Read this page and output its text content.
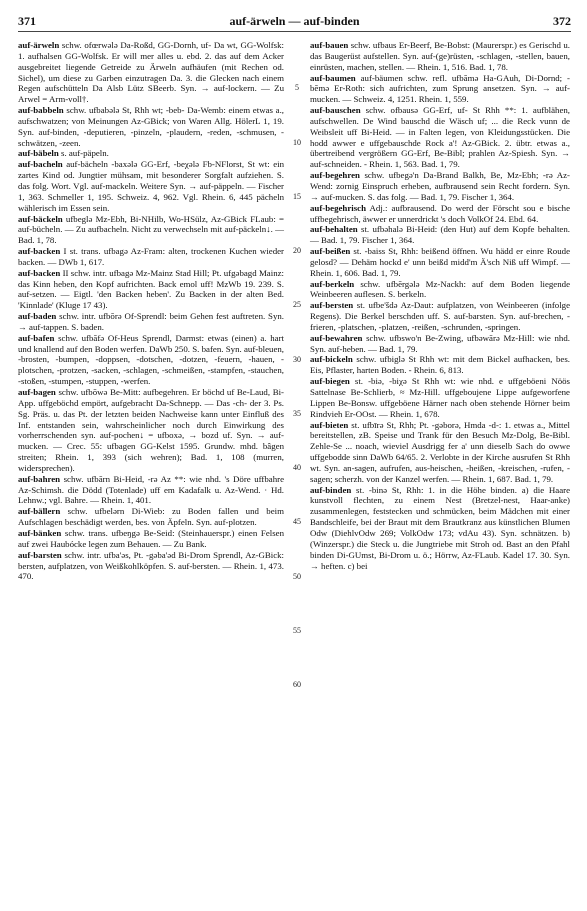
371	auf-ärweln — auf-binden	372
5
10
15
20
25
30
35
40
45
50
55
60

auf-ärweln schw. ofœrwələ Da-Roßd, GG-Dornh, uf- Da wt, GG-Wolfsk: 1. aufhalsen GG-Wolfsk. Er will mer alles u. ebd. 2. das auf dem Acker ausgebreitet liegende Getreide zu Ärweln aufhäufen (mit Rechen od. Sichel), um diese zu Garben einzutragen Da. 3. die Glecken nach einem Regen aufschütteln Da Alsb Lütz SBeerb. Syn. → auf-lockern. — Zu Arwel = Arm-voll†.

auf-babbeln schw. ufbabələ St, Rhh wt; -beb- Da-Wemb: einem etwas a., aufschwatzen; von Meinungen Az-GBick; von Waren Allg. HölerL 1, 19. Syn. auf-binden, -deputieren, -pinzeln, -plaudern, -reden, -schmusen, -schwätzen, -zeen.

auf-bäbeln s. auf-päpeln.

auf-bacheln auf-bächeln -baxələ GG-Erf, -beχələ Fb-NFlorst, St wt: ein zartes Kind od. Jungtier mühsam, mit besonderer Sorgfalt aufziehen. S. das folg. Wort. Vgl. auf-mackeln. Weitere Syn. → auf-päppeln. — Fischer 1, 363. Schmeller 1, 195. Schweiz. 4, 962. Vgl. Rhein. 6, 445 pächeln wählerisch im Essen sein.

auf-bäckeln ufbeglə Mz-Ebh, Bi-NHilb, Wo-HSülz, Az-GBick FLaub: = auf-bücheln. — Zu aufbacheln. Nicht zu verwechseln mit auf-päckeln↓. — Bad. 1, 78.

auf-backen I st. trans. ufbagə Az-Fram: alten, trockenen Kuchen wieder backen. — DWb 1, 617.

auf-backen II schw. intr. ufbagə Mz-Mainz Stad Hill; Pt. ufgəbagd Mainz: das Kinn heben, den Kopf aufrichten. Back emol uff! MzWb 19. 239. S. auf-setzen. — Eigtl. 'den Backen heben'. Zu Backen in der alten Bed. 'Kinnlade' (Kluge 17 43).

auf-baden schw. intr. ufbōrə Of-Sprendl: beim Gehen fest auftreten. Syn. → auf-tappen. S. baden.

auf-bafen schw. ufbāfə Of-Heus Sprendl, Darmst: etwas (einen) a. hart und knallend auf den Boden werfen. DaWb 250. S. bafen. Syn. auf-bleuen, -brosten, -bumpen, -doppsen, -dotschen, -dotzen, -feuern, -hauen, -plotschen, -protzen, -sacken, -schlagen, -schmeißen, -stampfen, -stauchen, -stoßen, -stumpen, -stuppen, -werfen.

auf-bagen schw. ufbōwə Be-Mitt: aufbegehren. Er böchd uf Be-Laud, Bi-App. uffgeböchd empört, aufgebracht Da-Schnepp. — Das -ch- der 3. Ps. Sg. Präs. u. das Pt. der letzten beiden Nachweise kann unter Einfluß des Inf. entstanden sein, wahrscheinlicher noch durch Einwirkung des vorherrschenden syn. auf-pochen↓ = ufboxə, → bozd uf. Syn. → auf-mucken. — Crec. 55: ufbagen GG-Kelst 1595. Grundw. mhd. bâgen streiten; Rhein. 1, 393 (sich wehren); Bad. 1, 108 (murren, widersprechen).

auf-bahren schw. ufbārn Bi-Heid, -rə Az **: wie nhd. 's Döre uffbahre Az-Schimsh. die Dödd (Totenlade) uff em Kadafalk u. Az-Wend. · Hd. Lehnw.; vgl. Bahre. — Rhein. 1, 401.

auf-bällern schw. ufbelərn Di-Wieb: zu Boden fallen und beim Aufschlagen beschädigt werden, bes. von Äpfeln. Syn. auf-plotzen.

auf-bänken schw. trans. ufbeŋgə Be-Seid: (Steinhauerspr.) einen Felsen auf zwei Haubócke legen zum Behauen. — Zu Bank.

auf-barsten schw. intr. ufba'əs, Pt. -gəba'əd Bi-Drom Sprendl, Az-GBick: bersten, aufplatzen, von Weißkohlköpfen. S. auf-bersten. — Rhein. 1, 473. 470.

auf-bauen schw. ufbaus Er-Beerf, Be-Bobst: (Maurerspr.) es Gerischd u. das Baugerüst aufstellen. Syn. auf-(ge)rüsten, -schlagen, -stellen, bauen, einrüsten, machen, stellen. — Rhein. 1, 516. Bad. 1, 78.

auf-baumen auf-bäumen schw. refl. ufbāmə Ha-GAuh, Di-Dornd; -bēmə Er-Roth: sich aufrichten, zum Sprung ansetzen. Syn. → auf-mucken. — Schweiz. 4, 1251. Rhein. 1, 559.

auf-bauschen schw. ofbausə GG-Erf, uf- St Rhh **: 1. aufblähen, aufschwellen. De Wind bauschd die Wäsch uf; ... die Reck vunn de Weibsleit uff Bi-Heid. — in Falten legen, von Kleidungsstücken. Die hodd awwer e uffgebauschde Rock a'! Az-GBick. 2. übtr. etwas a., übertreibend vergrößern GG-Erf, Be-Bibl; prahlen Az-Spiesh. Syn. → auf-schneiden. - Rhein. 1, 563. Bad. 1, 79.

auf-begehren schw. ufbegə'n Da-Brand Balkh, Be, Mz-Ebh; -rə Az-Wend: zornig Einspruch erheben, aufbrausend sein Recht fordern. Syn. → auf-mucken. S. das folg. — Bad. 1, 79. Fischer 1, 364.

auf-begehrisch Adj.: aufbrausend. Do werd der Förscht sou e bische uffbegehrisch, äwwer er unnerdrickt 's doch VolkOf 24. Ebd. 64.

auf-behalten st. ufbəhalə Bi-Heid: (den Hut) auf dem Kopfe behalten. — Bad. 1, 79. Fischer 1, 364.

auf-beißen st. -baiss St, Rhh: beißend öffnen. Wu hädd er einre Roude gelosd? — Dehäm hockd e' unn beißd midd'm Ä'sch Niß uff Wimpf. — Rhein. 1, 606. Bad. 1, 79.

auf-berkeln schw. ufbērgələ Mz-Nackh: auf dem Boden liegende Weinbeeren auflesen. S. berkeln.

auf-bersten st. ufbe'šdə Az-Daut: aufplatzen, von Weinbeeren (infolge Regens). Die Berkel berschden uff. S. auf-barsten. Syn. auf-brechen, -frieren, -platschen, -platzen, -reißen, -schrunden, -springen.

auf-bewahren schw. ufbswo'n Be-Zwing, ufbəwārə Mz-Hill: wie nhd. Syn. auf-heben. — Bad. 1, 79.

auf-bickeln schw. ufbiglə St Rhh wt: mit dem Bickel aufhacken, bes. Eis, Pflaster, harten Boden. - Rhein. 6, 813.

auf-biegen st. -biə, -biχə St Rhh wt: wie nhd. e uffgeböeni Nöös Sattelnase Be-Schlierb, ≈ Mz-Hill. uffgebouјene Lippe aufgeworfene Lippen Be-Bonsw. uffgeböene Härner nach oben stehende Hörner beim Rindvieh Er-OOst. — Rhein. 1, 678.

auf-bieten st. ufbīrə St, Rhh; Pt. -gəborə, Hmda -d-: 1. etwas a., Mittel bereitstellen, zB. Speise und Trank für den Besuch Mz-Dolg, Be-Bibl. Zehle-Se ... noach, wieviel Ausdrigg fer a' unn dieselb Sach do owwe uffgebodde sinn DaWb 64/65. 2. Verlobte in der Kirche ausrufen St Rhh wt. Syn. an-sagen, aufrufen, aus-heischen, -heißen, -kreischen, -rufen, -sagen; scherzh. von der Kanzel werfen. — Rhein. 1, 687. Bad. 1, 79.

auf-binden st. -binə St, Rhh: 1. in die Höhe binden. a) die Haare kunstvoll flechten, zu einem Nest (Bretzel-nest, Haar-anke) zusammenlegen, feststecken und schmücken, beim Mädchen mit einer Bandschleife, bei der Braut mit dem Brautkranz aus künstlichen Blumen Odw (DiehlvOdw 269; VolkOdw 173; vdAu 43). Syn. schnätzen. b) (Winzerspr.) die Steck u. die Jungtriebe mit Stroh od. Bast an den Pfahl binden Di-GUmst, Bi-Drom u. ö.; Hörrw, Az-FLaub. Kadel 17. 30. Syn. → heften. c) bei
